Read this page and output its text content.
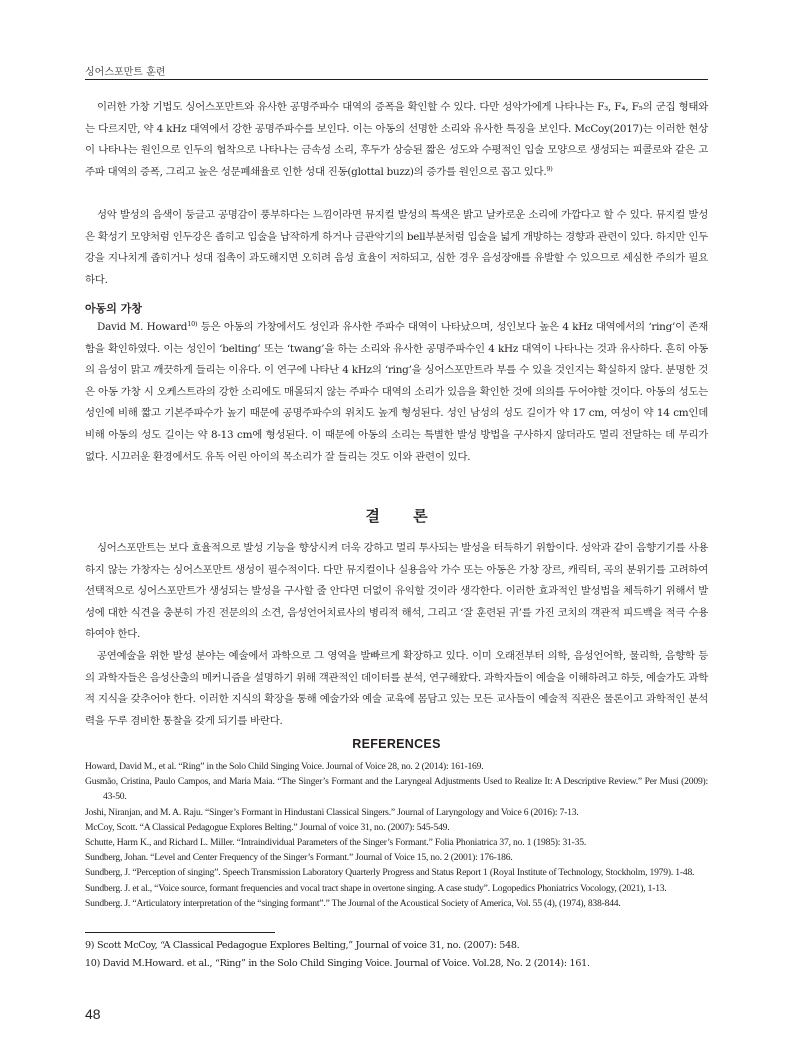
싱어스포만트 훈련

이러한 가창 기법도 싱어스포만트와 유사한 공명주파수 대역의 증폭을 확인할 수 있다. 다만 성악가에게 나타나는 F₃, F₄, F₅의 군집 형태와는 다르지만, 약 4 kHz 대역에서 강한 공명주파수를 보인다. 이는 아동의 선명한 소리와 유사한 특징을 보인다. McCoy(2017)는 이러한 현상이 나타나는 원인으로 인두의 협착으로 나타나는 금속성 소리, 후두가 상승된 짧은 성도와 수평적인 입술 모양으로 생성되는 피콜로와 같은 고주파 대역의 증폭, 그리고 높은 성문폐쇄율로 인한 성대 진동(glottal buzz)의 증가를 원인으로 꼽고 있다.$^{9)}$

성악 발성의 음색이 둥글고 공명감이 풍부하다는 느낌이라면 뮤지컬 발성의 특색은 밝고 날카로운 소리에 가깝다고 할 수 있다. 뮤지컬 발성은 확성기 모양처럼 인두강은 좁히고 입술을 납작하게 하거나 금관악기의 bell부분처럼 입술을 넓게 개방하는 경향과 관련이 있다. 하지만 인두강을 지나치게 좁히거나 성대 접촉이 과도해지면 오히려 음성 효율이 저하되고, 심한 경우 음성장애를 유발할 수 있으므로 세심한 주의가 필요하다.

아동의 가창

David M. Howard$^{10)}$ 등은 아동의 가창에서도 성인과 유사한 주파수 대역이 나타났으며, 성인보다 높은 4 kHz 대역에서의 ‘ring’이 존재함을 확인하였다. 이는 성인이 ‘belting’ 또는 ‘twang’을 하는 소리와 유사한 공명주파수인 4 kHz 대역이 나타나는 것과 유사하다. 흔히 아동의 음성이 맑고 깨끗하게 들리는 이유다. 이 연구에 나타난 4 kHz의 ‘ring’을 싱어스포만트라 부를 수 있을 것인지는 확실하지 않다. 분명한 것은 아동 가창 시 오케스트라의 강한 소리에도 매몰되지 않는 주파수 대역의 소리가 있음을 확인한 것에 의의를 두어야할 것이다. 아동의 성도는 성인에 비해 짧고 기본주파수가 높기 때문에 공명주파수의 위치도 높게 형성된다. 성인 남성의 성도 길이가 약 17 cm, 여성이 약 14 cm인데 비해 아동의 성도 길이는 약 8-13 cm에 형성된다. 이 때문에 아동의 소리는 특별한 발성 방법을 구사하지 않더라도 멀리 전달하는 데 무리가 없다. 시끄러운 환경에서도 유독 어린 아이의 목소리가 잘 들리는 것도 이와 관련이 있다.

결 론

싱어스포만트는 보다 효율적으로 발성 기능을 향상시켜 더욱 강하고 멀리 투사되는 발성을 터득하기 위함이다. 성악과 같이 음향기기를 사용하지 않는 가창자는 싱어스포만트 생성이 필수적이다. 다만 뮤지컬이나 실용음악 가수 또는 아동은 가창 장르, 캐릭터, 곡의 분위기를 고려하여 선택적으로 싱어스포만트가 생성되는 발성을 구사할 줄 안다면 더없이 유익할 것이라 생각한다. 이러한 효과적인 발성법을 체득하기 위해서 발성에 대한 식견을 충분히 가진 전문의의 소견, 음성언어치료사의 병리적 해석, 그리고 ‘잘 훈련된 귀’를 가진 코치의 객관적 피드백을 적극 수용하여야 한다.

공연예술을 위한 발성 분야는 예술에서 과학으로 그 영역을 발빠르게 확장하고 있다. 이미 오래전부터 의학, 음성언어학, 물리학, 음향학 등의 과학자들은 음성산출의 메커니즘을 설명하기 위해 객관적인 데이터를 분석, 연구해왔다. 과학자들이 예술을 이해하려고 하듯, 예술가도 과학적 지식을 갖추어야 한다. 이러한 지식의 확장을 통해 예술가와 예술 교육에 몸담고 있는 모든 교사들이 예술적 직관은 물론이고 과학적인 분석력을 두루 겸비한 통찰을 갖게 되기를 바란다.

REFERENCES

Howard, David M., et al. “Ring” in the Solo Child Singing Voice. Journal of Voice 28, no. 2 (2014): 161-169.

Gusmão, Cristina, Paulo Campos, and Maria Maia. “The Singer’s Formant and the Laryngeal Adjustments Used to Realize It: A Descriptive Review.” Per Musi (2009): 43-50.

Joshi, Niranjan, and M. A. Raju. “Singer’s Formant in Hindustani Classical Singers.” Journal of Laryngology and Voice 6 (2016): 7-13.

McCoy, Scott. “A Classical Pedagogue Explores Belting.” Journal of voice 31, no. (2007): 545-549.

Schutte, Harm K., and Richard L. Miller. “Intraindividual Parameters of the Singer’s Formant.” Folia Phoniatrica 37, no. 1 (1985): 31-35.

Sundberg, Johan. “Level and Center Frequency of the Singer’s Formant.” Journal of Voice 15, no. 2 (2001): 176-186.

Sundberg, J. “Perception of singing”. Speech Transmission Laboratory Quarterly Progress and Status Report 1 (Royal Institute of Technology, Stockholm, 1979). 1-48.

Sundberg. J. et al., “Voice source, formant frequencies and vocal tract shape in overtone singing. A case study”. Logopedics Phoniatrics Vocology, (2021), 1-13.

Sundberg. J. “Articulatory interpretation of the “singing formant”.” The Journal of the Acoustical Society of America, Vol. 55 (4), (1974), 838-844.

9) Scott McCoy, “A Classical Pedagogue Explores Belting,” Journal of voice 31, no. (2007): 548.

10) David M.Howard. et al., “Ring” in the Solo Child Singing Voice. Journal of Voice. Vol.28, No. 2 (2014): 161.

48
